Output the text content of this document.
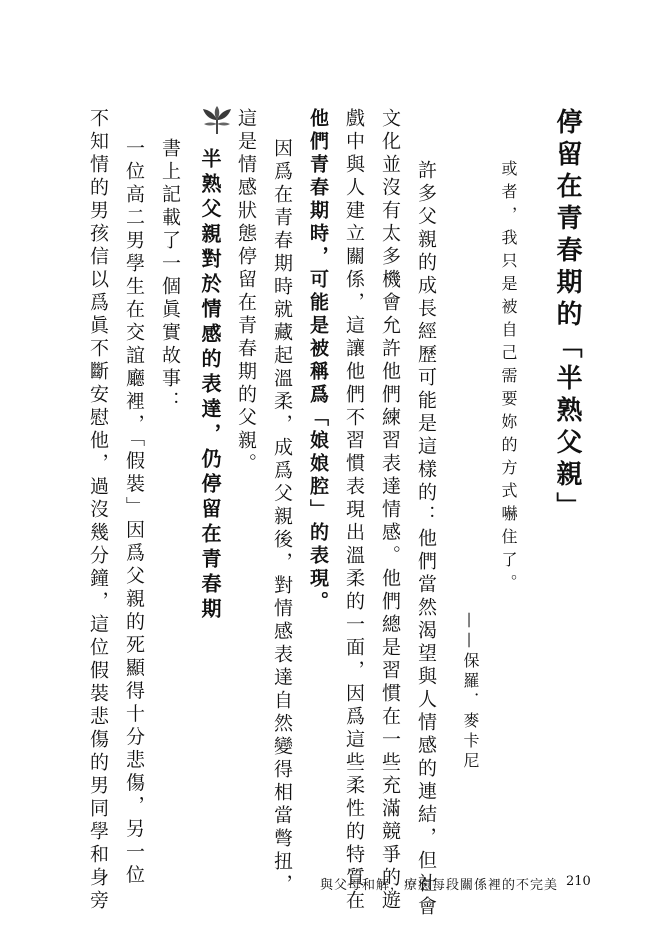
停留在青春期的「半熟父親」
或者，我只是被自己需要妳的方式嚇住了。
——保羅．麥卡尼
許多父親的成長經歷可能是這樣的：他們當然渴望與人情感的連結，但社會
文化並沒有太多機會允許他們練習表達情感。他們總是習慣在一些充滿競爭的遊
戲中與人建立關係，這讓他們不習慣表現出溫柔的一面，因爲這些柔性的特質在
他們青春期時，可能是被稱爲「娘娘腔」的表現。
因爲在青春期時就藏起溫柔，成爲父親後，對情感表達自然變得相當彆扭，
這是情感狀態停留在青春期的父親。
半熟父親對於情感的表達，仍停留在青春期
書上記載了一個眞實故事：
一位高二男學生在交誼廳裡，「假裝」因爲父親的死顯得十分悲傷，另一位
不知情的男孩信以爲眞不斷安慰他，過沒幾分鐘，這位假裝悲傷的男同學和身旁	與父母和解，療癒每段關係裡的不完美 210
